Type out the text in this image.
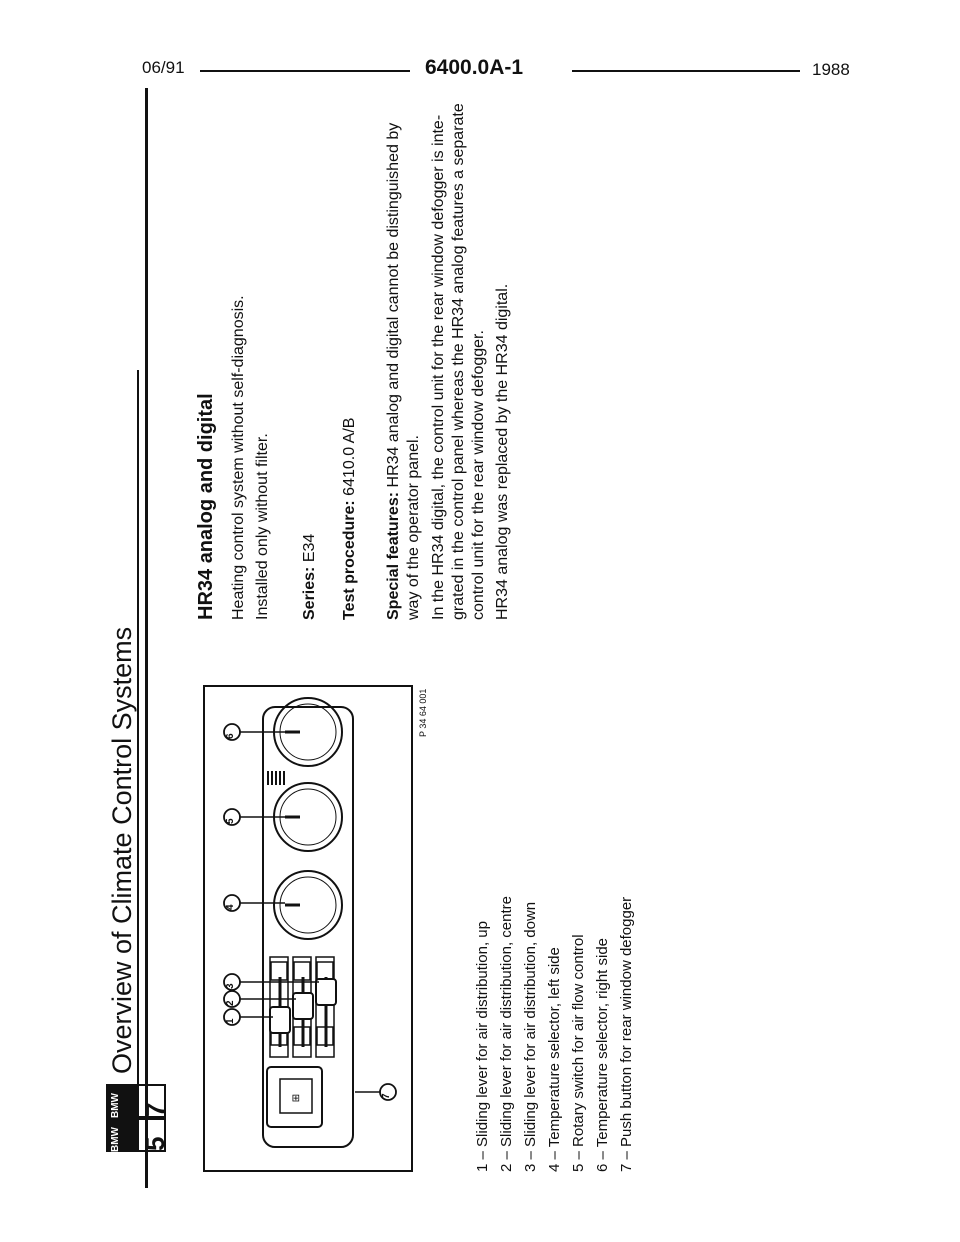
06/91	6400.0A-1	1988
BMW 5
BMW 7
Overview of Climate Control Systems
HR34 analog and digital Heating control system without self-diagnosis. Installed only without filter. Series: E34 Test procedure: 6410.0 A/B
Special features: HR34 analog and digital cannot be distinguished by
way of the operator panel. In the HR34 digital, the control unit for the rear window defogger is inte- grated in the control panel whereas the HR34 analog features a separate control unit for the rear window defogger. HR34 analog was replaced by the HR34 digital.
⊞
1
2
3
4
5
6
7
P 34 64 001
1 – Sliding lever for air distribution, up 2 – Sliding lever for air distribution, centre 3 – Sliding lever for air distribution, down 4 – Temperature selector, left side 5 – Rotary switch for air flow control 6 – Temperature selector, right side 7 – Push button for rear window defogger
